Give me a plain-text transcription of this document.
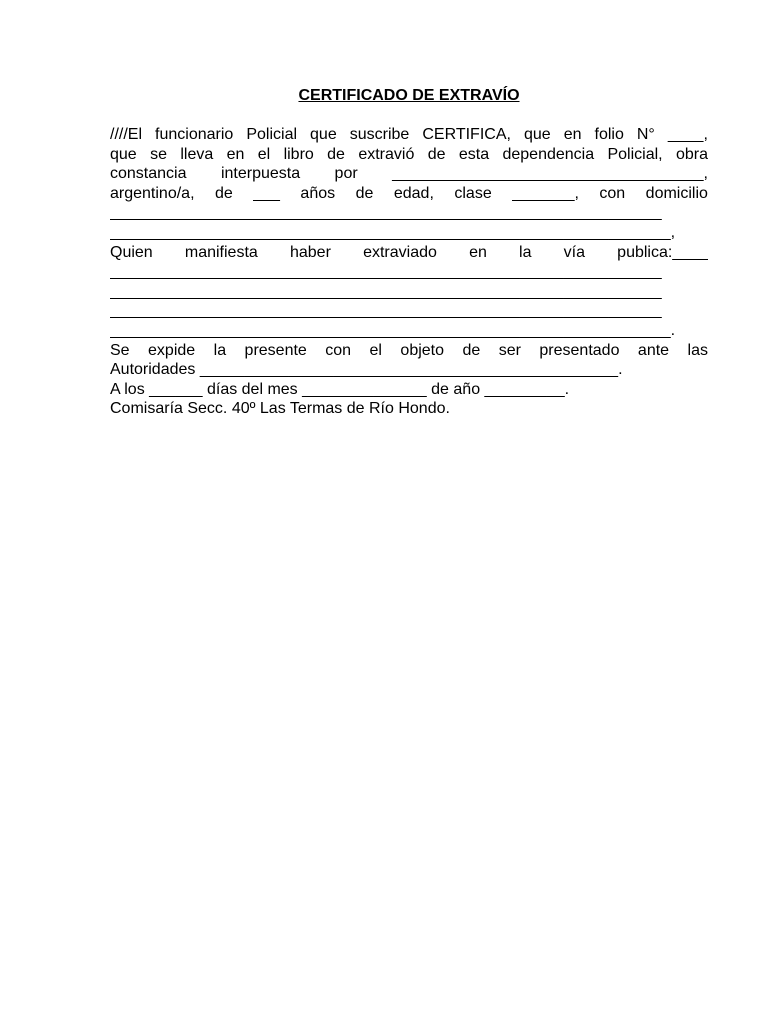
CERTIFICADO DE EXTRAVÍO
////El funcionario Policial que suscribe CERTIFICA, que en folio N° ____,
que se lleva en el libro de extravió de esta dependencia Policial, obra
constancia interpuesta por ___________________________________,
argentino/a, de ___ años de edad, clase _______, con domicilio
______________________________________________________________
_______________________________________________________________,
Quien manifiesta haber extraviado en la vía publica:____
______________________________________________________________
______________________________________________________________
______________________________________________________________
_______________________________________________________________.
Se expide la presente con el objeto de ser presentado ante las
Autoridades _______________________________________________.
A los ______ días del mes ______________ de año _________.
Comisaría Secc. 40º Las Termas de Río Hondo.
